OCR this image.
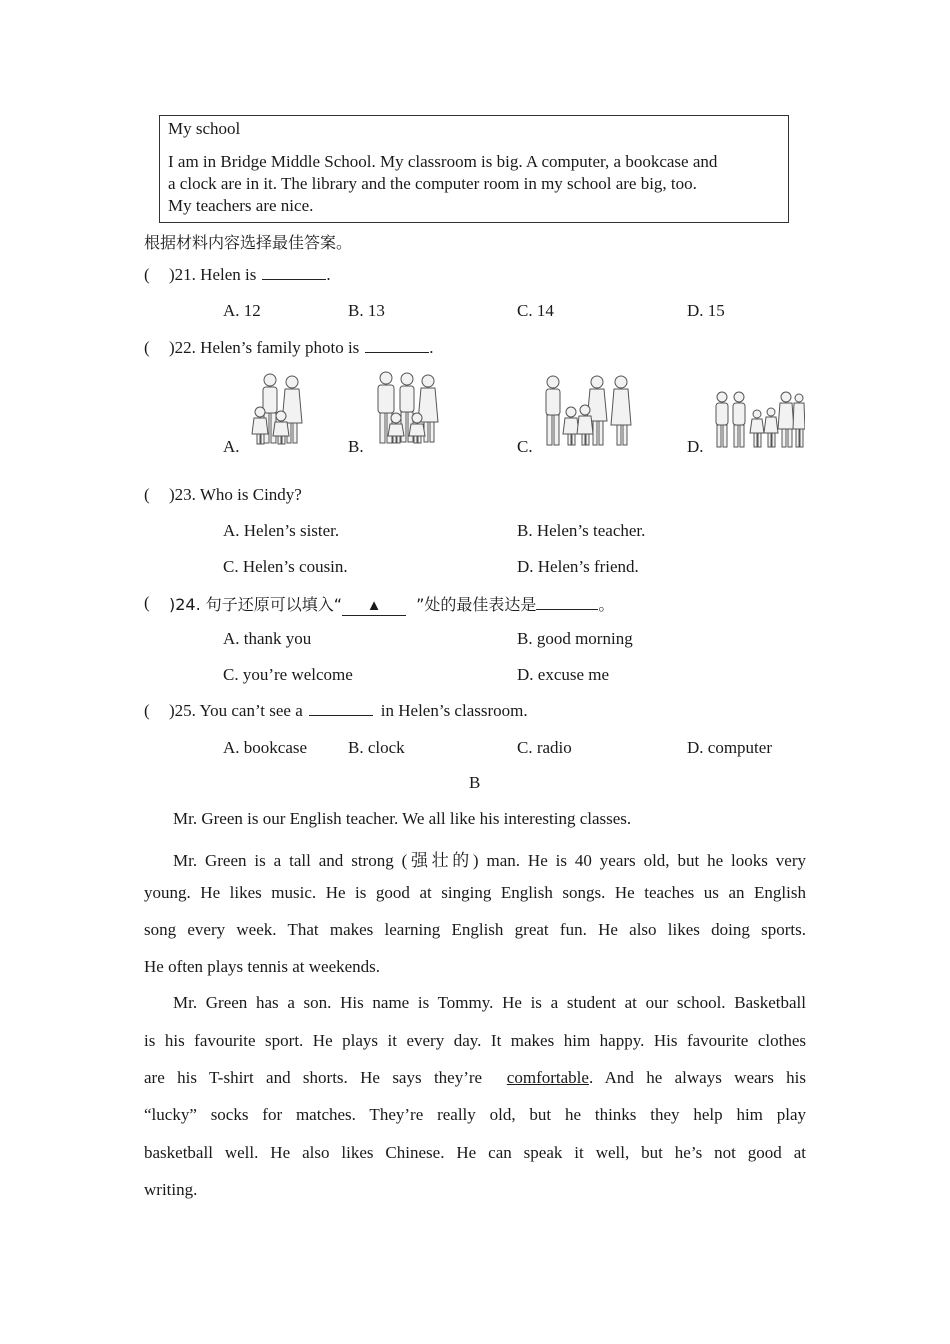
My school
I am in Bridge Middle School. My classroom is big. A computer, a bookcase and
a clock are in it. The library and the computer room in my school are big, too.
My teachers are nice.
根据材料内容选择最佳答案。
( )21. Helen is	.
A. 12	B. 13	C. 14	D. 15
( )22. Helen’s family photo is	.
A.	B.	C.	D.
( )23. Who is Cindy?
A. Helen’s sister.	B. Helen’s teacher.
C. Helen’s cousin.	D. Helen’s friend.
( )24. 句子还原可以填入“ ▲ ”处的最佳表达是	。
A. thank you	B. good morning
C. you’re welcome	D. excuse me
( )25. You can’t see a	in Helen’s classroom.
A. bookcase B. clock	C. radio	D. computer
B
Mr. Green is our English teacher. We all like his interesting classes.
Mr. Green is a tall and strong (强壮的) man. He is 40 years old, but he looks very
young. He likes music. He is good at singing English songs. He teaches us an English
song every week. That makes learning English great fun. He also likes doing sports.
He often plays tennis at weekends.
Mr. Green has a son. His name is Tommy. He is a student at our school. Basketball
is his favourite sport. He plays it every day. It makes him happy. His favourite clothes
are his T-shirt and shorts. He says they’re comfortable. And he always wears his
“lucky” socks for matches. They’re really old, but he thinks they help him play
basketball well. He also likes Chinese. He can speak it well, but he’s not good at
writing.
